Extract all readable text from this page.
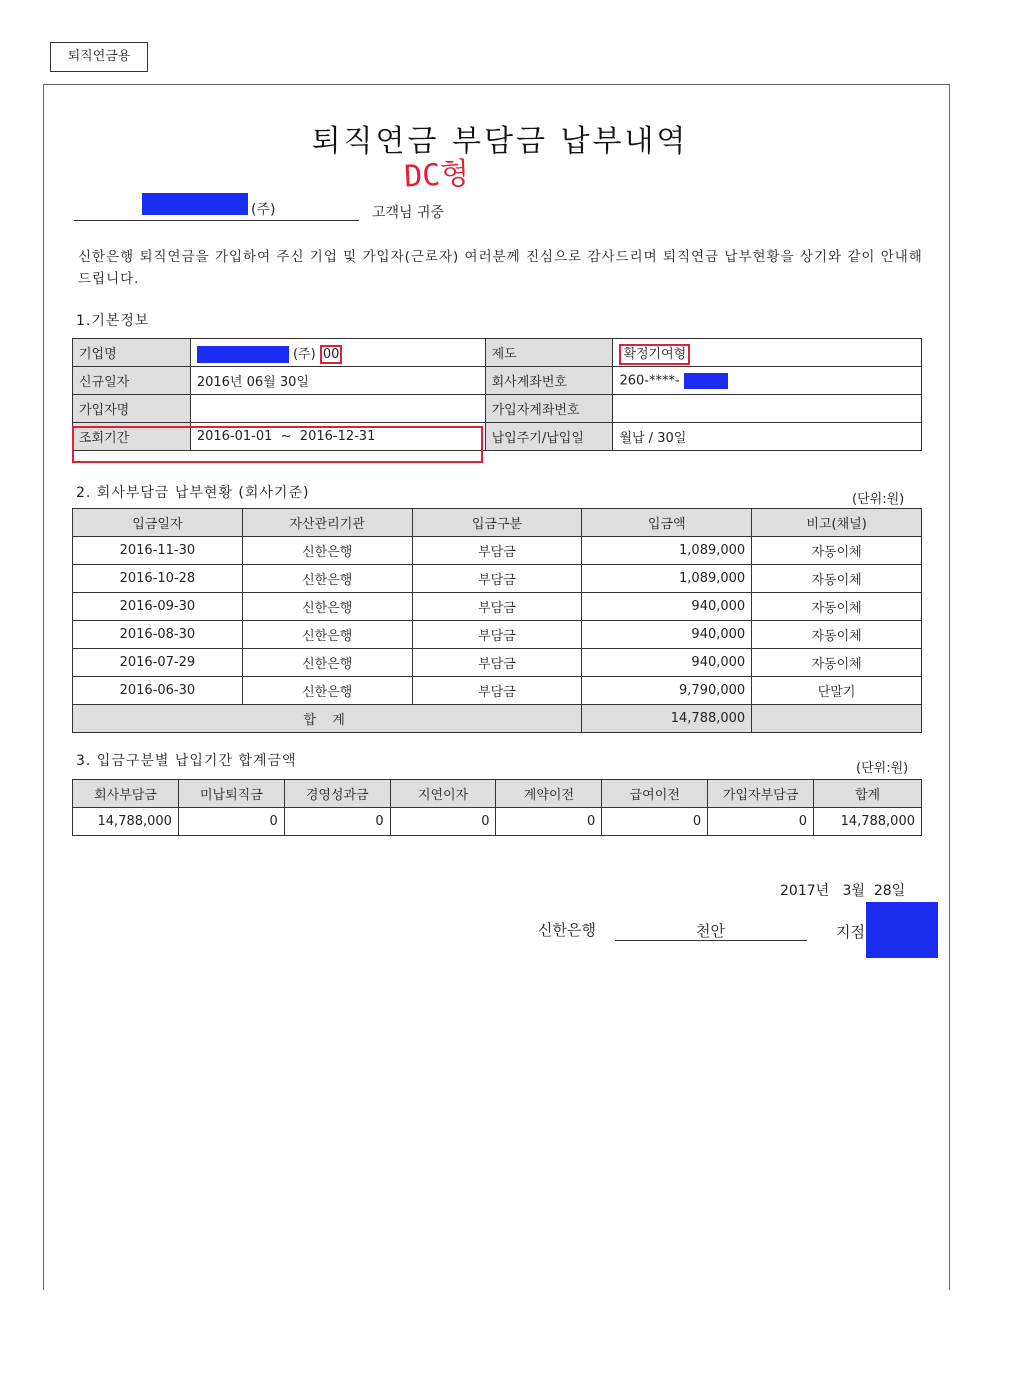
퇴직연금용
퇴직연금 부담금 납부내역
DC형
(주)	고객님 귀중
신한은행 퇴직연금을 가입하여 주신 기업 및 가입자(근로자) 여러분께 진심으로 감사드리며 퇴직연금 납부현황을 상기와 같이 안내해 드립니다.
1.기본정보
기업명	(주) 00	제도	확정기여형
신규일자	2016년 06월 30일	회사계좌번호	260-****-
가입자명		가입자계좌번호	
조회기간	2016-01-01  ~  2016-12-31	납입주기/납입일	월납 / 30일
2. 회사부담금 납부현황 (회사기준)	(단위:원)
입금일자	자산관리기관	입금구분	입금액	비고(채널)
2016-11-30	신한은행	부담금	1,089,000	자동이체
2016-10-28	신한은행	부담금	1,089,000	자동이체
2016-09-30	신한은행	부담금	940,000	자동이체
2016-08-30	신한은행	부담금	940,000	자동이체
2016-07-29	신한은행	부담금	940,000	자동이체
2016-06-30	신한은행	부담금	9,790,000	단말기
합 계			14,788,000	
3. 입금구분별 납입기간 합계금액	(단위:원)
회사부담금	미납퇴직금	경영성과금	지연이자	계약이전	급여이전	가입자부담금	합계
14,788,000	0	0	0	0	0	0	14,788,000
2017년   3월  28일
신한은행	천안	지점
